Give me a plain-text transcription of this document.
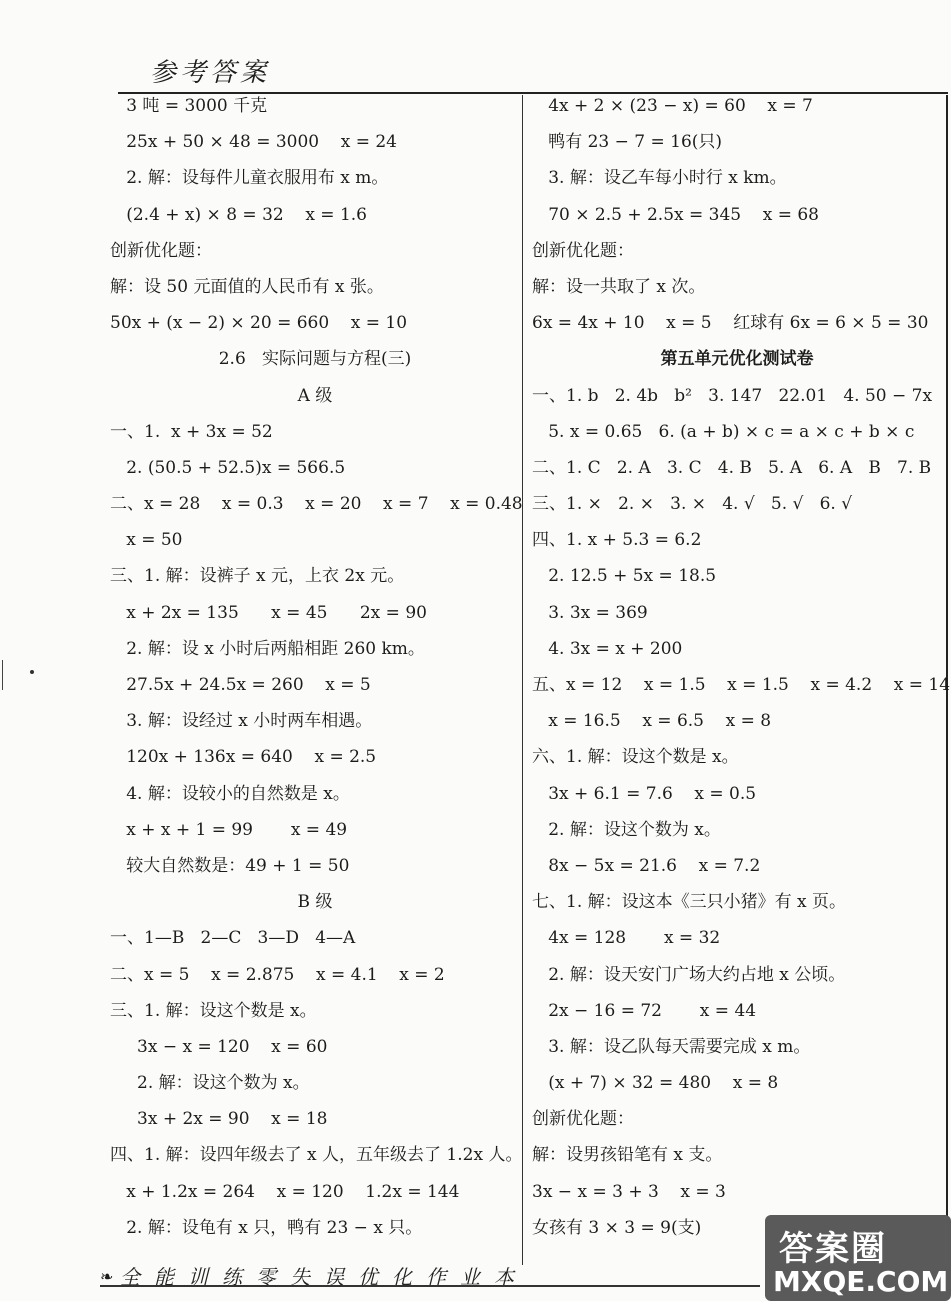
参考答案
3 吨 = 3000 千克
25x + 50 × 48 = 3000    x = 24
2. 解：设每件儿童衣服用布 x m。
(2.4 + x) × 8 = 32    x = 1.6
创新优化题：
解：设 50 元面值的人民币有 x 张。
50x + (x − 2) × 20 = 660    x = 10
2.6   实际问题与方程(三)
A 级
一、1.  x + 3x = 52
2. (50.5 + 52.5)x = 566.5
二、x = 28    x = 0.3    x = 20    x = 7    x = 0.48
x = 50
三、1. 解：设裤子 x 元，上衣 2x 元。
x + 2x = 135      x = 45      2x = 90
2. 解：设 x 小时后两船相距 260 km。
27.5x + 24.5x = 260    x = 5
3. 解：设经过 x 小时两车相遇。
120x + 136x = 640    x = 2.5
4. 解：设较小的自然数是 x。
x + x + 1 = 99       x = 49
较大自然数是：49 + 1 = 50
B 级
一、1—B   2—C   3—D   4—A
二、x = 5    x = 2.875    x = 4.1    x = 2
三、1. 解：设这个数是 x。
3x − x = 120    x = 60
2. 解：设这个数为 x。
3x + 2x = 90    x = 18
四、1. 解：设四年级去了 x 人，五年级去了 1.2x 人。
x + 1.2x = 264    x = 120    1.2x = 144
2. 解：设龟有 x 只，鸭有 23 − x 只。
4x + 2 × (23 − x) = 60    x = 7
鸭有 23 − 7 = 16(只)
3. 解：设乙车每小时行 x km。
70 × 2.5 + 2.5x = 345    x = 68
创新优化题：
解：设一共取了 x 次。
6x = 4x + 10    x = 5    红球有 6x = 6 × 5 = 30
第五单元优化测试卷
一、1. b   2. 4b   b²   3. 147   22.01   4. 50 − 7x
5. x = 0.65   6. (a + b) × c = a × c + b × c
二、1. C   2. A   3. C   4. B   5. A   6. A   B   7. B
三、1. ×   2. ×   3. ×   4. √   5. √   6. √
四、1. x + 5.3 = 6.2
2. 12.5 + 5x = 18.5
3. 3x = 369
4. 3x = x + 200
五、x = 12    x = 1.5    x = 1.5    x = 4.2    x = 14
x = 16.5    x = 6.5    x = 8
六、1. 解：设这个数是 x。
3x + 6.1 = 7.6    x = 0.5
2. 解：设这个数为 x。
8x − 5x = 21.6    x = 7.2
七、1. 解：设这本《三只小猪》有 x 页。
4x = 128       x = 32
2. 解：设天安门广场大约占地 x 公顷。
2x − 16 = 72       x = 44
3. 解：设乙队每天需要完成 x m。
(x + 7) × 32 = 480    x = 8
创新优化题：
解：设男孩铅笔有 x 支。
3x − x = 3 + 3    x = 3
女孩有 3 × 3 = 9(支)
❧ 全能训练零失误优化作业本
答案圈
MXQE.COM
